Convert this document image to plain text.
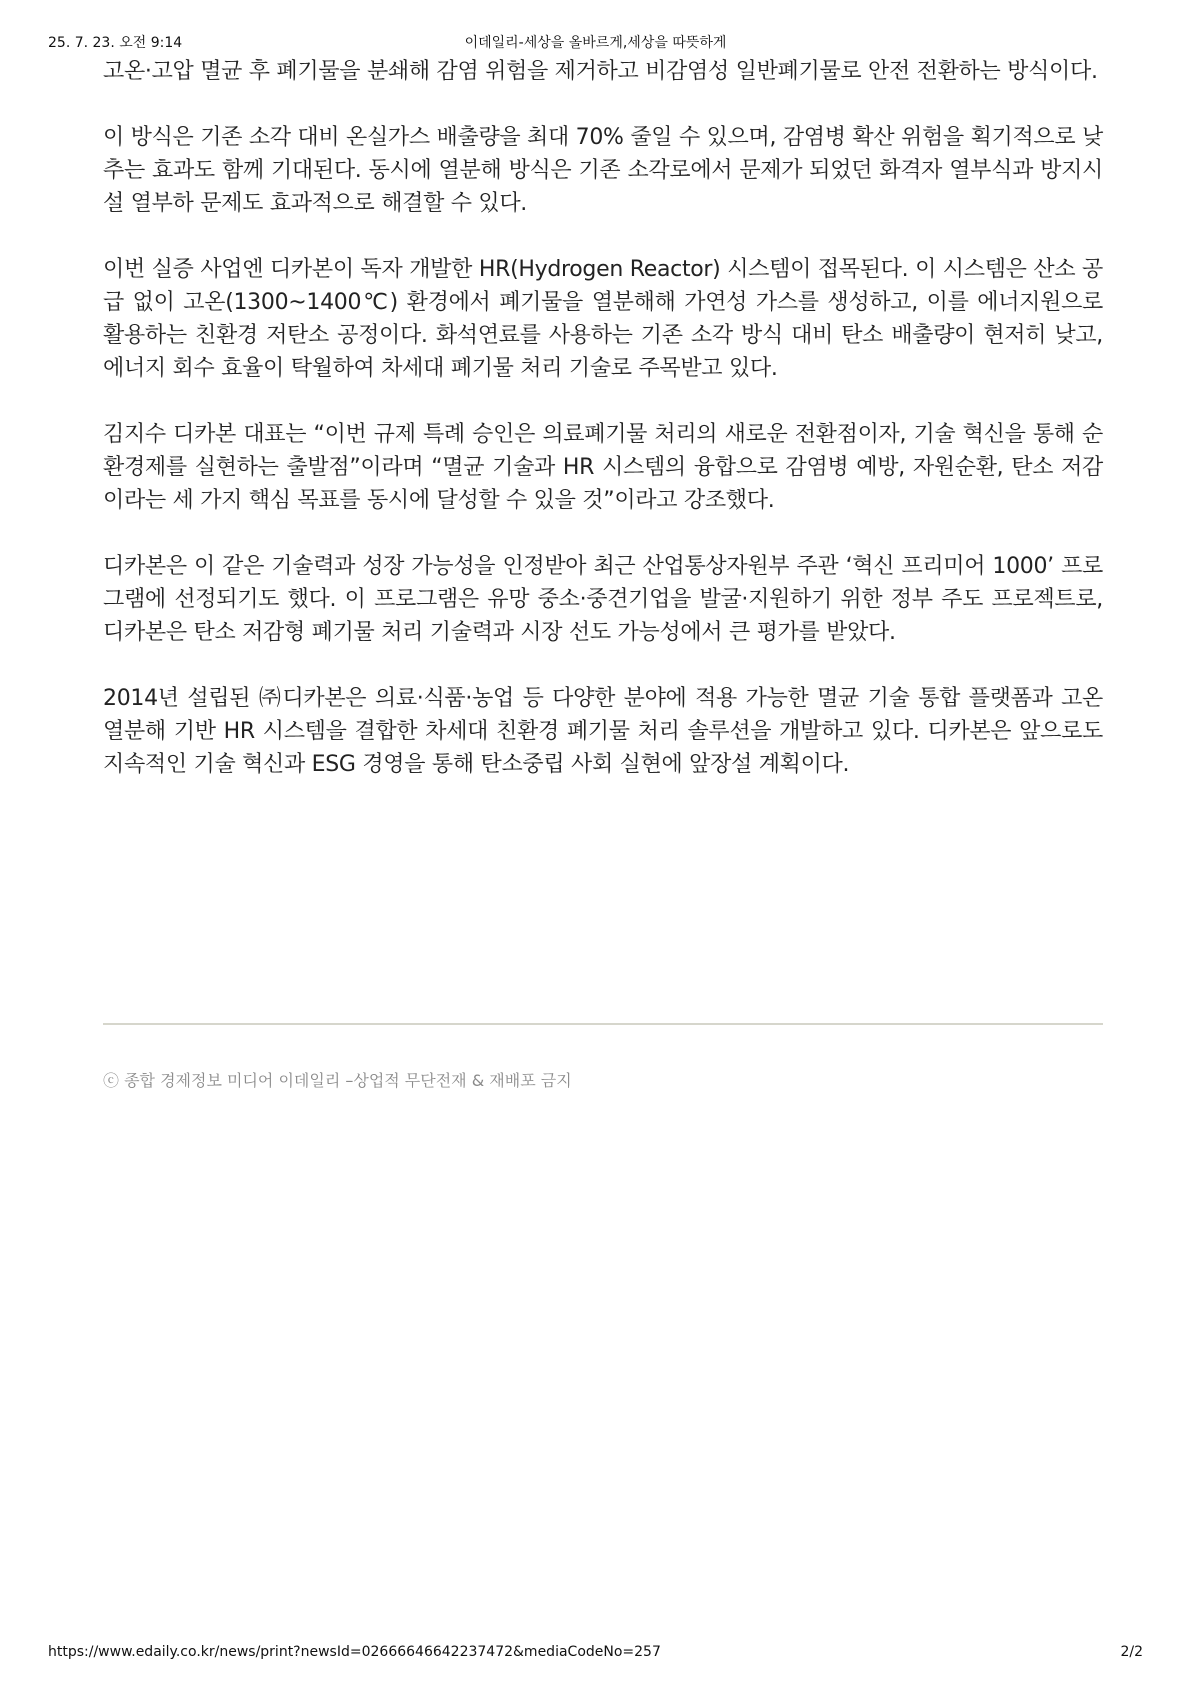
25. 7. 23. 오전 9:14	이데일리-세상을 올바르게,세상을 따뜻하게

고온·고압 멸균 후 폐기물을 분쇄해 감염 위험을 제거하고 비감염성 일반폐기물로 안전 전환하는 방식이다.

이 방식은 기존 소각 대비 온실가스 배출량을 최대 70% 줄일 수 있으며, 감염병 확산 위험을 획기적으로 낮추는 효과도 함께 기대된다. 동시에 열분해 방식은 기존 소각로에서 문제가 되었던 화격자 열부식과 방지시설 열부하 문제도 효과적으로 해결할 수 있다.

이번 실증 사업엔 디카본이 독자 개발한 HR(Hydrogen Reactor) 시스템이 접목된다. 이 시스템은 산소 공급 없이 고온(1300~1400℃) 환경에서 폐기물을 열분해해 가연성 가스를 생성하고, 이를 에너지원으로 활용하는 친환경 저탄소 공정이다. 화석연료를 사용하는 기존 소각 방식 대비 탄소 배출량이 현저히 낮고, 에너지 회수 효율이 탁월하여 차세대 폐기물 처리 기술로 주목받고 있다.

김지수 디카본 대표는 “이번 규제 특례 승인은 의료폐기물 처리의 새로운 전환점이자, 기술 혁신을 통해 순환경제를 실현하는 출발점”이라며 “멸균 기술과 HR 시스템의 융합으로 감염병 예방, 자원순환, 탄소 저감이라는 세 가지 핵심 목표를 동시에 달성할 수 있을 것”이라고 강조했다.

디카본은 이 같은 기술력과 성장 가능성을 인정받아 최근 산업통상자원부 주관 ‘혁신 프리미어 1000’ 프로그램에 선정되기도 했다. 이 프로그램은 유망 중소·중견기업을 발굴·지원하기 위한 정부 주도 프로젝트로, 디카본은 탄소 저감형 폐기물 처리 기술력과 시장 선도 가능성에서 큰 평가를 받았다.

2014년 설립된 ㈜디카본은 의료·식품·농업 등 다양한 분야에 적용 가능한 멸균 기술 통합 플랫폼과 고온 열분해 기반 HR 시스템을 결합한 차세대 친환경 폐기물 처리 솔루션을 개발하고 있다. 디카본은 앞으로도 지속적인 기술 혁신과 ESG 경영을 통해 탄소중립 사회 실현에 앞장설 계획이다.

ⓒ 종합 경제정보 미디어 이데일리 –상업적 무단전재 & 재배포 금지
https://www.edaily.co.kr/news/print?newsId=02666646642237472&mediaCodeNo=257	2/2
